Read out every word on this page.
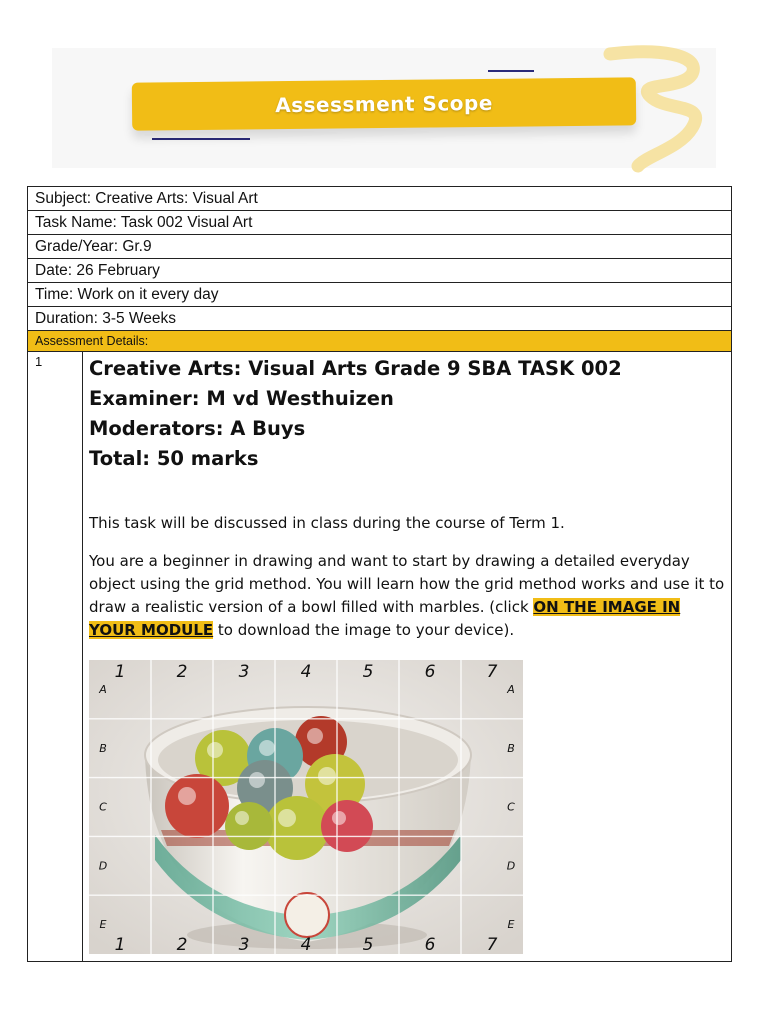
Assessment Scope
Subject: Creative Arts: Visual Art
Task Name: Task 002 Visual Art
Grade/Year: Gr.9
Date: 26 February
Time: Work on it every day
Duration: 3-5 Weeks
Assessment Details:
1	Creative Arts: Visual Arts Grade 9 SBA TASK 002
Examiner: M vd Westhuizen
Moderators: A Buys
Total: 50 marks

This task will be discussed in class during the course of Term 1.

You are a beginner in drawing and want to start by drawing a detailed everyday object using the grid method. You will learn how the grid method works and use it to draw a realistic version of a bowl filled with marbles. (click ON THE IMAGE IN YOUR MODULE to download the image to your device).

1
1
2
2
3
3
4
4
5
5
6
6
7
7
A	A
B	B
C	C
D	D
E	E
